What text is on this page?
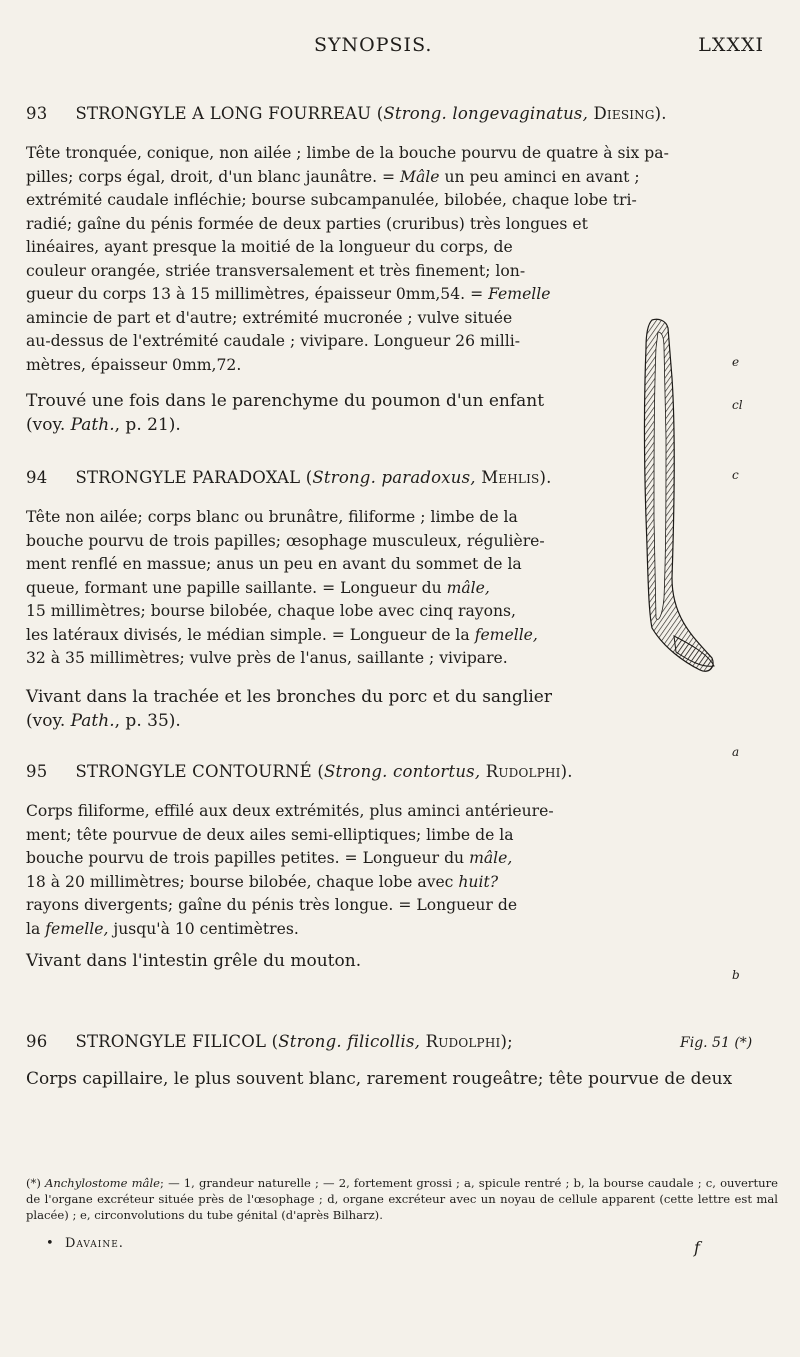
SYNOPSIS.	LXXXI
93 STRONGYLE A LONG FOURREAU (Strong. longevaginatus, Diesing).
Tête tronquée, conique, non ailée ; limbe de la bouche pourvu de quatre à six pa-
pilles; corps égal, droit, d'un blanc jaunâtre. = Mâle un peu aminci en avant ;
extrémité caudale infléchie; bourse subcampanulée, bilobée, chaque lobe tri-
radié; gaîne du pénis formée de deux parties (cruribus) très longues et
linéaires, ayant presque la moitié de la longueur du corps, de
couleur orangée, striée transversalement et très finement; lon-
gueur du corps 13 à 15 millimètres, épaisseur 0mm,54. = Femelle
amincie de part et d'autre; extrémité mucronée ; vulve située
au-dessus de l'extrémité caudale ; vivipare. Longueur 26 milli-
mètres, épaisseur 0mm,72.
Trouvé une fois dans le parenchyme du poumon d'un enfant
(voy. Path., p. 21).
94 STRONGYLE PARADOXAL (Strong. paradoxus, Mehlis).
Tête non ailée; corps blanc ou brunâtre, filiforme ; limbe de la
bouche pourvu de trois papilles; œsophage musculeux, régulière-
ment renflé en massue; anus un peu en avant du sommet de la
queue, formant une papille saillante. = Longueur du mâle,
15 millimètres; bourse bilobée, chaque lobe avec cinq rayons,
les latéraux divisés, le médian simple. = Longueur de la femelle,
32 à 35 millimètres; vulve près de l'anus, saillante ; vivipare.
Vivant dans la trachée et les bronches du porc et du sanglier
(voy. Path., p. 35).
95 STRONGYLE CONTOURNÉ (Strong. contortus, Rudolphi).
Corps filiforme, effilé aux deux extrémités, plus aminci antérieure-
ment; tête pourvue de deux ailes semi-elliptiques; limbe de la
bouche pourvu de trois papilles petites. = Longueur du mâle,
18 à 20 millimètres; bourse bilobée, chaque lobe avec huit?
rayons divergents; gaîne du pénis très longue. = Longueur de
la femelle, jusqu'à 10 centimètres.
Vivant dans l'intestin grêle du mouton.
96 STRONGYLE FILICOL (Strong. filicollis, Rudolphi);
Corps capillaire, le plus souvent blanc, rarement rougeâtre; tête pourvue de deux
e
cl
c
a
b
Fig. 51 (*)
(*) Anchylostome mâle; — 1, grandeur naturelle ; — 2, fortement grossi ; a, spicule rentré ; b, la bourse caudale ; c, ouverture de l'organe excréteur située près de l'œsophage ; d, organe excréteur avec un noyau de cellule apparent (cette lettre est mal placée) ; e, circonvolutions du tube génital (d'après Bilharz).
•  Davaine.	f
